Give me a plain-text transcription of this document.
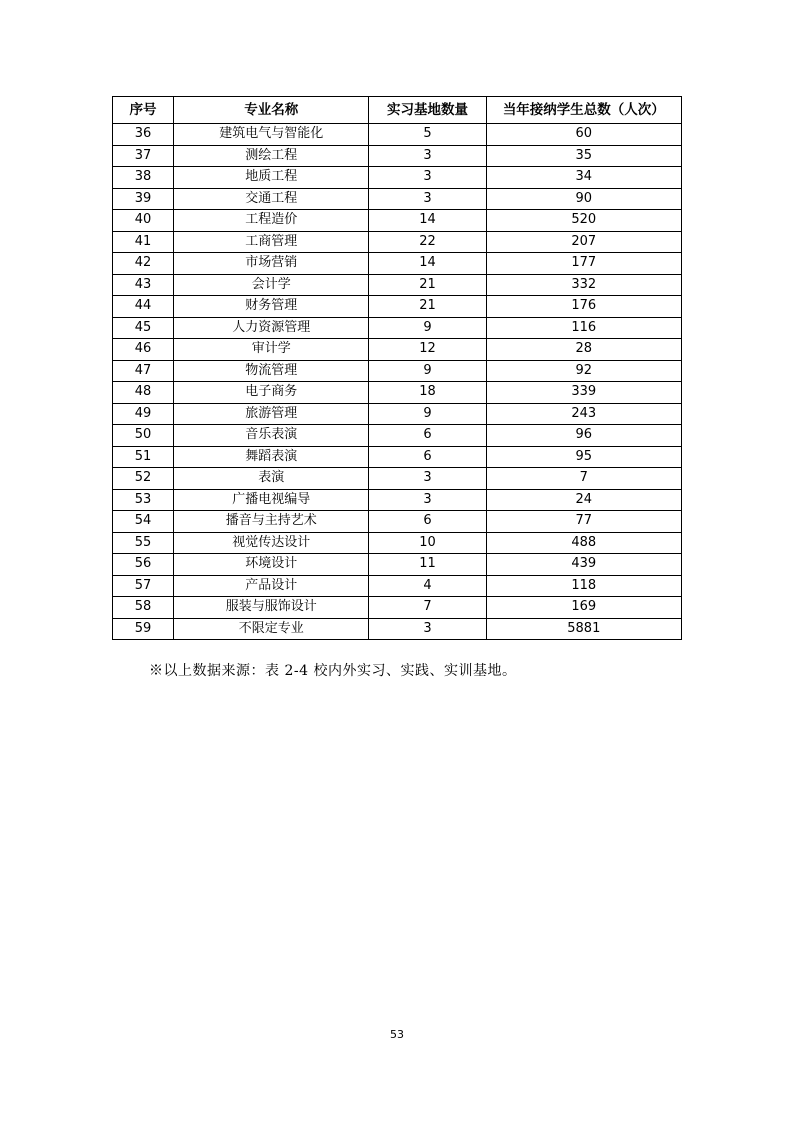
序号	专业名称	实习基地数量	当年接纳学生总数（人次）
36	建筑电气与智能化	5	60
37	测绘工程	3	35
38	地质工程	3	34
39	交通工程	3	90
40	工程造价	14	520
41	工商管理	22	207
42	市场营销	14	177
43	会计学	21	332
44	财务管理	21	176
45	人力资源管理	9	116
46	审计学	12	28
47	物流管理	9	92
48	电子商务	18	339
49	旅游管理	9	243
50	音乐表演	6	96
51	舞蹈表演	6	95
52	表演	3	7
53	广播电视编导	3	24
54	播音与主持艺术	6	77
55	视觉传达设计	10	488
56	环境设计	11	439
57	产品设计	4	118
58	服装与服饰设计	7	169
59	不限定专业	3	5881
※以上数据来源：表 2-4 校内外实习、实践、实训基地。
53
